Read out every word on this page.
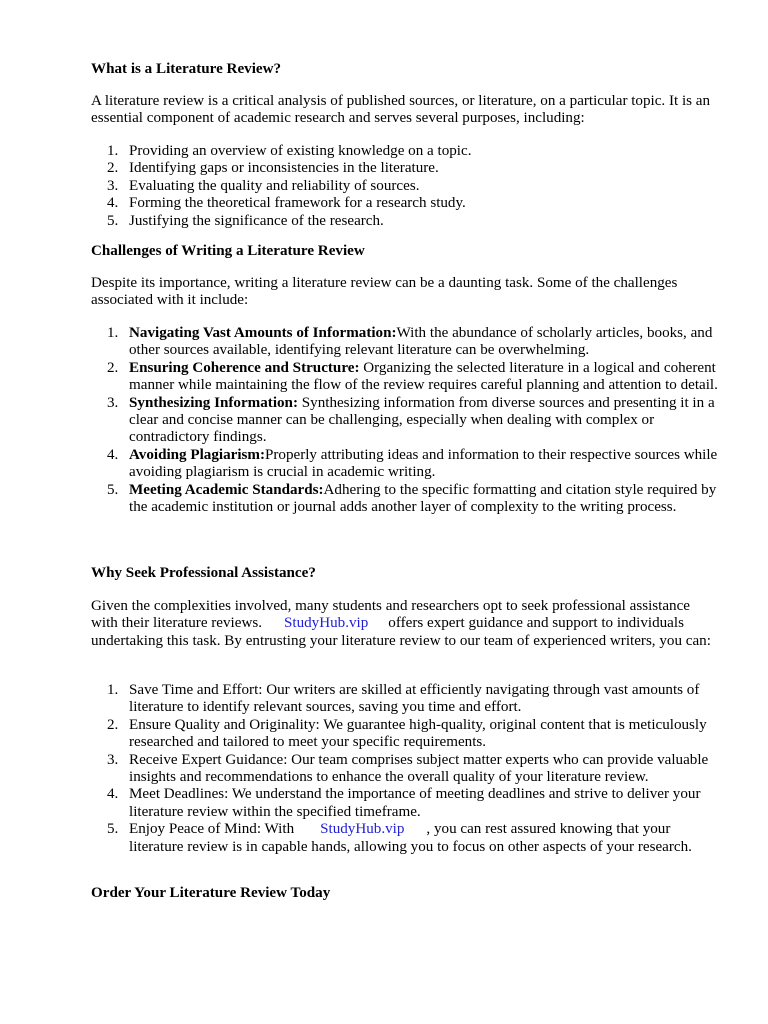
What is a Literature Review?

A literature review is a critical analysis of published sources, or literature, on a particular topic. It is an essential component of academic research and serves several purposes, including:

1. Providing an overview of existing knowledge on a topic.
2. Identifying gaps or inconsistencies in the literature.
3. Evaluating the quality and reliability of sources.
4. Forming the theoretical framework for a research study.
5. Justifying the significance of the research.
Challenges of Writing a Literature Review

Despite its importance, writing a literature review can be a daunting task. Some of the challenges associated with it include:

1. Navigating Vast Amounts of Information:With the abundance of scholarly articles, books, and other sources available, identifying relevant literature can be overwhelming.
2. Ensuring Coherence and Structure: Organizing the selected literature in a logical and coherent manner while maintaining the flow of the review requires careful planning and attention to detail.
3. Synthesizing Information: Synthesizing information from diverse sources and presenting it in a clear and concise manner can be challenging, especially when dealing with complex or contradictory findings.
4. Avoiding Plagiarism:Properly attributing ideas and information to their respective sources while avoiding plagiarism is crucial in academic writing.
5. Meeting Academic Standards:Adhering to the specific formatting and citation style required by the academic institution or journal adds another layer of complexity to the writing process.
Why Seek Professional Assistance?

Given the complexities involved, many students and researchers opt to seek professional assistance with their literature reviews. StudyHub.vip offers expert guidance and support to individuals undertaking this task. By entrusting your literature review to our team of experienced writers, you can:

1. Save Time and Effort: Our writers are skilled at efficiently navigating through vast amounts of literature to identify relevant sources, saving you time and effort.
2. Ensure Quality and Originality: We guarantee high-quality, original content that is meticulously researched and tailored to meet your specific requirements.
3. Receive Expert Guidance: Our team comprises subject matter experts who can provide valuable insights and recommendations to enhance the overall quality of your literature review.
4. Meet Deadlines: We understand the importance of meeting deadlines and strive to deliver your literature review within the specified timeframe.
5. Enjoy Peace of Mind: With StudyHub.vip , you can rest assured knowing that your literature review is in capable hands, allowing you to focus on other aspects of your research.
Order Your Literature Review Today
